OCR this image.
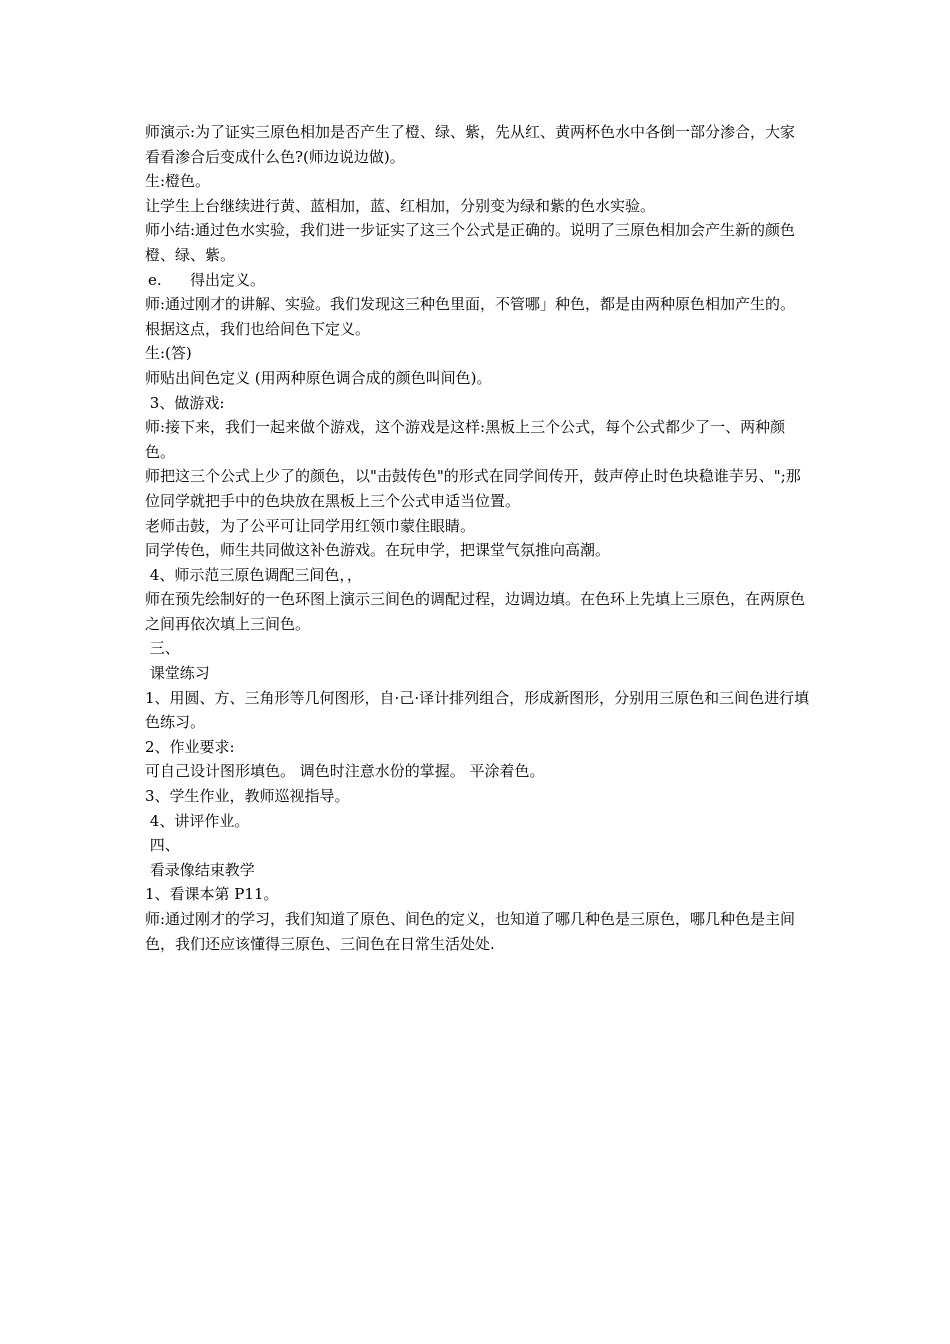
师演示:为了证实三原色相加是否产生了橙、绿、紫，先从红、黄两杯色水中各倒一部分渗合，大家看看渗合后变成什么色?(师边说边做)。

生:橙色。

让学生上台继续进行黄、蓝相加，蓝、红相加，分别变为绿和紫的色水实验。

师小结:通过色水实验，我们进一步证实了这三个公式是正确的。说明了三原色相加会产生新的颜色橙、绿、紫。

e. 得出定义。

师:通过刚才的讲解、实验。我们发现这三种色里面，不管哪」种色，都是由两种原色相加产生的。根据这点，我们也给间色下定义。

生:(答)

师贴出间色定义 (用两种原色调合成的颜色叫间色)。

3、做游戏:

师:接下来，我们一起来做个游戏，这个游戏是这样:黑板上三个公式，每个公式都少了一、两种颜色。

师把这三个公式上少了的颜色，以"击鼓传色"的形式在同学间传开，鼓声停止时色块稳谁芋另、";那位同学就把手中的色块放在黑板上三个公式申适当位置。

老师击鼓，为了公平可让同学用红领巾蒙住眼睛。

同学传色，师生共同做这补色游戏。在玩申学，把课堂气氛推向高潮。

4、师示范三原色调配三间色，，

师在预先绘制好的一色环图上演示三间色的调配过程，边调边填。在色环上先填上三原色，在两原色之间再依次填上三间色。

三、

课堂练习

1、用圆、方、三角形等几何图形，自·己·译计排列组合，形成新图形，分别用三原色和三间色进行填色练习。

2、作业要求:

可自己设计图形填色。 调色时注意水份的掌握。 平涂着色。

3、学生作业，教师巡视指导。

4、讲评作业。

四、

看录像结束教学

1、看课本第 P11。

师:通过刚才的学习，我们知道了原色、间色的定义，也知道了哪几种色是三原色，哪几种色是主间色，我们还应该懂得三原色、三间色在日常生活处处.
